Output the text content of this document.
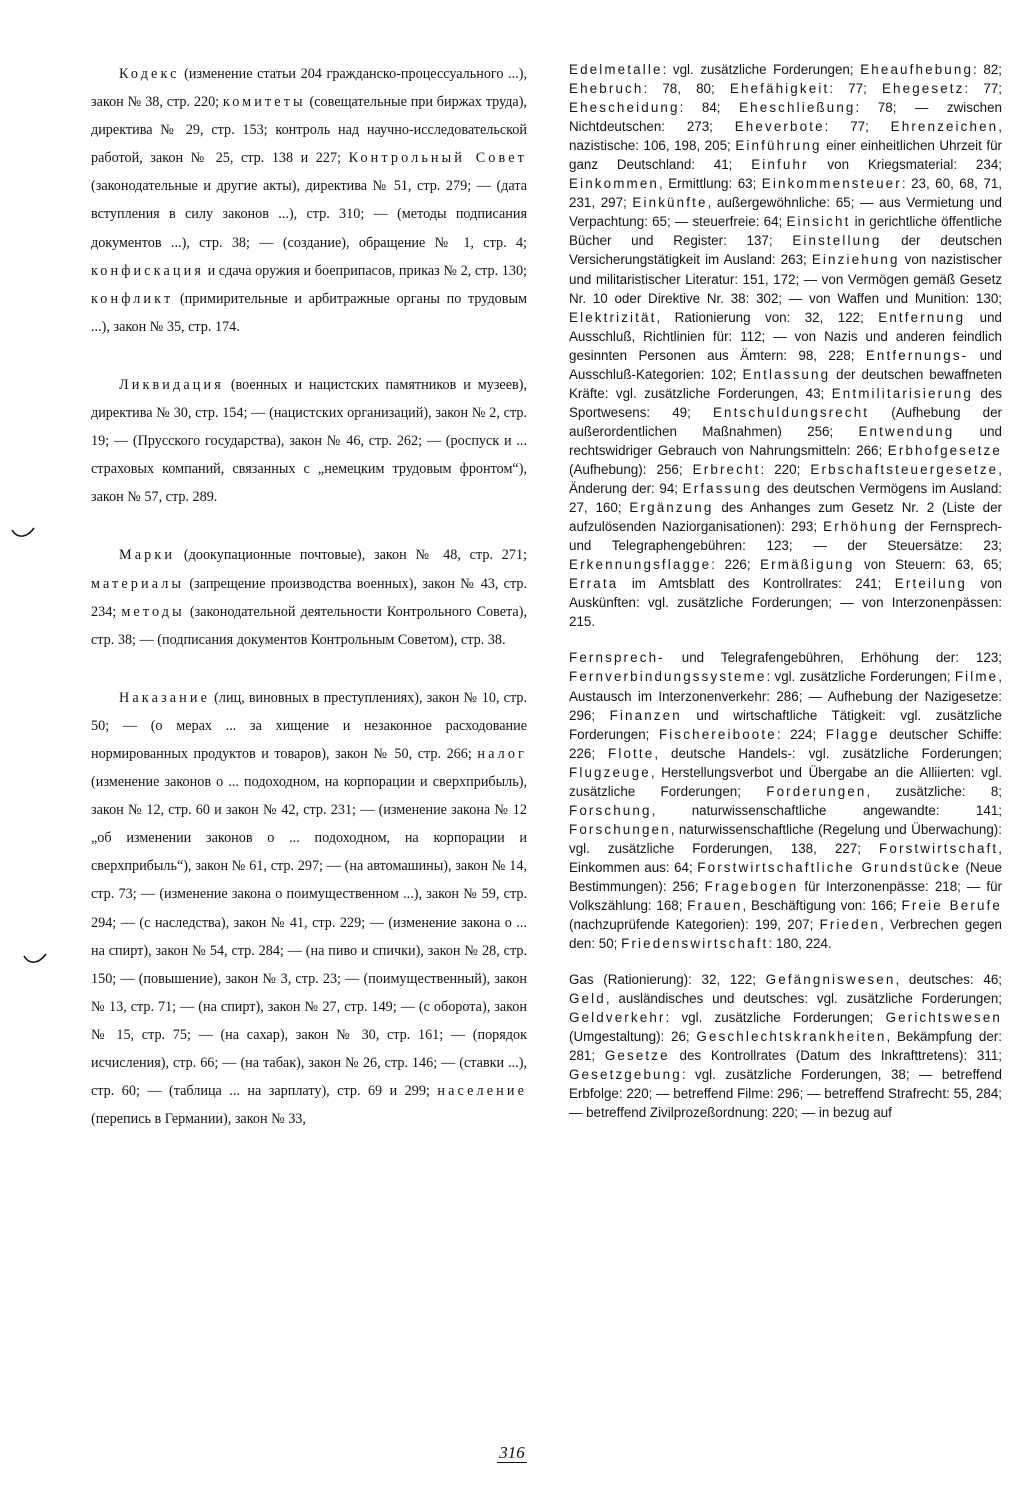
Кодекс (изменение статьи 204 гражданско-процессуального ...), закон № 38, стр. 220; комитеты (совещательные при биржах труда), директива № 29, стр. 153; контроль над научно-исследовательской работой, закон № 25, стр. 138 и 227; Контрольный Совет (законодательные и другие акты), директива № 51, стр. 279; — (дата вступления в силу законов ...), стр. 310; — (методы подписания документов ...), стр. 38; — (создание), обращение № 1, стр. 4; конфискация и сдача оружия и боеприпасов, приказ № 2, стр. 130; конфликт (примирительные и арбитражные органы по трудовым ...), закон № 35, стр. 174.

Ликвидация (военных и нацистских памятников и музеев), директива № 30, стр. 154; — (нацистских организаций), закон № 2, стр. 19; — (Прусского государства), закон № 46, стр. 262; — (роспуск и ... страховых компаний, связанных с „немецким трудовым фронтом“), закон № 57, стр. 289.

Марки (доокупационные почтовые), закон № 48, стр. 271; материалы (запрещение производства военных), закон № 43, стр. 234; методы (законодательной деятельности Контрольного Совета), стр. 38; — (подписания документов Контрольным Советом), стр. 38.

Наказание (лиц, виновных в преступлениях), закон № 10, стр. 50; — (о мерах ... за хищение и незаконное расходование нормированных продуктов и товаров), закон № 50, стр. 266; налог (изменение законов о ... подоходном, на корпорации и сверхприбыль), закон № 12, стр. 60 и закон № 42, стр. 231; — (изменение закона № 12 „об изменении законов о ... подоходном, на корпорации и сверхприбыль“), закон № 61, стр. 297; — (на автомашины), закон № 14, стр. 73; — (изменение закона о поимущественном ...), закон № 59, стр. 294; — (с наследства), закон № 41, стр. 229; — (изменение закона о ... на спирт), закон № 54, стр. 284; — (на пиво и спички), закон № 28, стр. 150; — (повышение), закон № 3, стр. 23; — (поимущественный), закон № 13, стр. 71; — (на спирт), закон № 27, стр. 149; — (с оборота), закон № 15, стр. 75; — (на сахар), закон № 30, стр. 161; — (порядок исчисления), стр. 66; — (на табак), закон № 26, стр. 146; — (ставки ...), стр. 60; — (таблица ... на зарплату), стр. 69 и 299; население (перепись в Германии), закон № 33,

Edelmetalle: vgl. zusätzliche Forderungen; Eheaufhebung: 82; Ehebruch: 78, 80; Ehefähigkeit: 77; Ehegesetz: 77; Ehescheidung: 84; Eheschließung: 78; — zwischen Nichtdeutschen: 273; Eheverbote: 77; Ehrenzeichen, nazistische: 106, 198, 205; Einführung einer einheitlichen Uhrzeit für ganz Deutschland: 41; Einfuhr von Kriegsmaterial: 234; Einkommen, Ermittlung: 63; Einkommensteuer: 23, 60, 68, 71, 231, 297; Einkünfte, außergewöhnliche: 65; — aus Vermietung und Verpachtung: 65; — steuerfreie: 64; Einsicht in gerichtliche öffentliche Bücher und Register: 137; Einstellung der deutschen Versicherungstätigkeit im Ausland: 263; Einziehung von nazistischer und militaristischer Literatur: 151, 172; — von Vermögen gemäß Gesetz Nr. 10 oder Direktive Nr. 38: 302; — von Waffen und Munition: 130; Elektrizität, Rationierung von: 32, 122; Entfernung und Ausschluß, Richtlinien für: 112; — von Nazis und anderen feindlich gesinnten Personen aus Ämtern: 98, 228; Entfernungs- und Ausschluß-Kategorien: 102; Entlassung der deutschen bewaffneten Kräfte: vgl. zusätzliche Forderungen, 43; Entmilitarisierung des Sportwesens: 49; Entschuldungsrecht (Aufhebung der außerordentlichen Maßnahmen) 256; Entwendung und rechtswidriger Gebrauch von Nahrungsmitteln: 266; Erbhofgesetze (Aufhebung): 256; Erbrecht: 220; Erbschaftsteuergesetze, Änderung der: 94; Erfassung des deutschen Vermögens im Ausland: 27, 160; Ergänzung des Anhanges zum Gesetz Nr. 2 (Liste der aufzulösenden Naziorganisationen): 293; Erhöhung der Fernsprech- und Telegraphengebühren: 123; — der Steuersätze: 23; Erkennungsflagge: 226; Ermäßigung von Steuern: 63, 65; Errata im Amtsblatt des Kontrollrates: 241; Erteilung von Auskünften: vgl. zusätzliche Forderungen; — von Interzonenpässen: 215.

Fernsprech- und Telegrafengebühren, Erhöhung der: 123; Fernverbindungssysteme: vgl. zusätzliche Forderungen; Filme, Austausch im Interzonenverkehr: 286; — Aufhebung der Nazigesetze: 296; Finanzen und wirtschaftliche Tätigkeit: vgl. zusätzliche Forderungen; Fischereiboote: 224; Flagge deutscher Schiffe: 226; Flotte, deutsche Handels-: vgl. zusätzliche Forderungen; Flugzeuge, Herstellungsverbot und Übergabe an die Alliierten: vgl. zusätzliche Forderungen; Forderungen, zusätzliche: 8; Forschung, naturwissenschaftliche angewandte: 141; Forschungen, naturwissenschaftliche (Regelung und Überwachung): vgl. zusätzliche Forderungen, 138, 227; Forstwirtschaft, Einkommen aus: 64; Forstwirtschaftliche Grundstücke (Neue Bestimmungen): 256; Fragebogen für Interzonenpässe: 218; — für Volkszählung: 168; Frauen, Beschäftigung von: 166; Freie Berufe (nachzuprüfende Kategorien): 199, 207; Frieden, Verbrechen gegen den: 50; Friedenswirtschaft: 180, 224.

Gas (Rationierung): 32, 122; Gefängniswesen, deutsches: 46; Geld, ausländisches und deutsches: vgl. zusätzliche Forderungen; Geldverkehr: vgl. zusätzliche Forderungen; Gerichtswesen (Umgestaltung): 26; Geschlechtskrankheiten, Bekämpfung der: 281; Gesetze des Kontrollrates (Datum des Inkrafttretens): 311; Gesetzgebung: vgl. zusätzliche Forderungen, 38; — betreffend Erbfolge: 220; — betreffend Filme: 296; — betreffend Strafrecht: 55, 284; — betreffend Zivilprozeßordnung: 220; — in bezug auf

316
